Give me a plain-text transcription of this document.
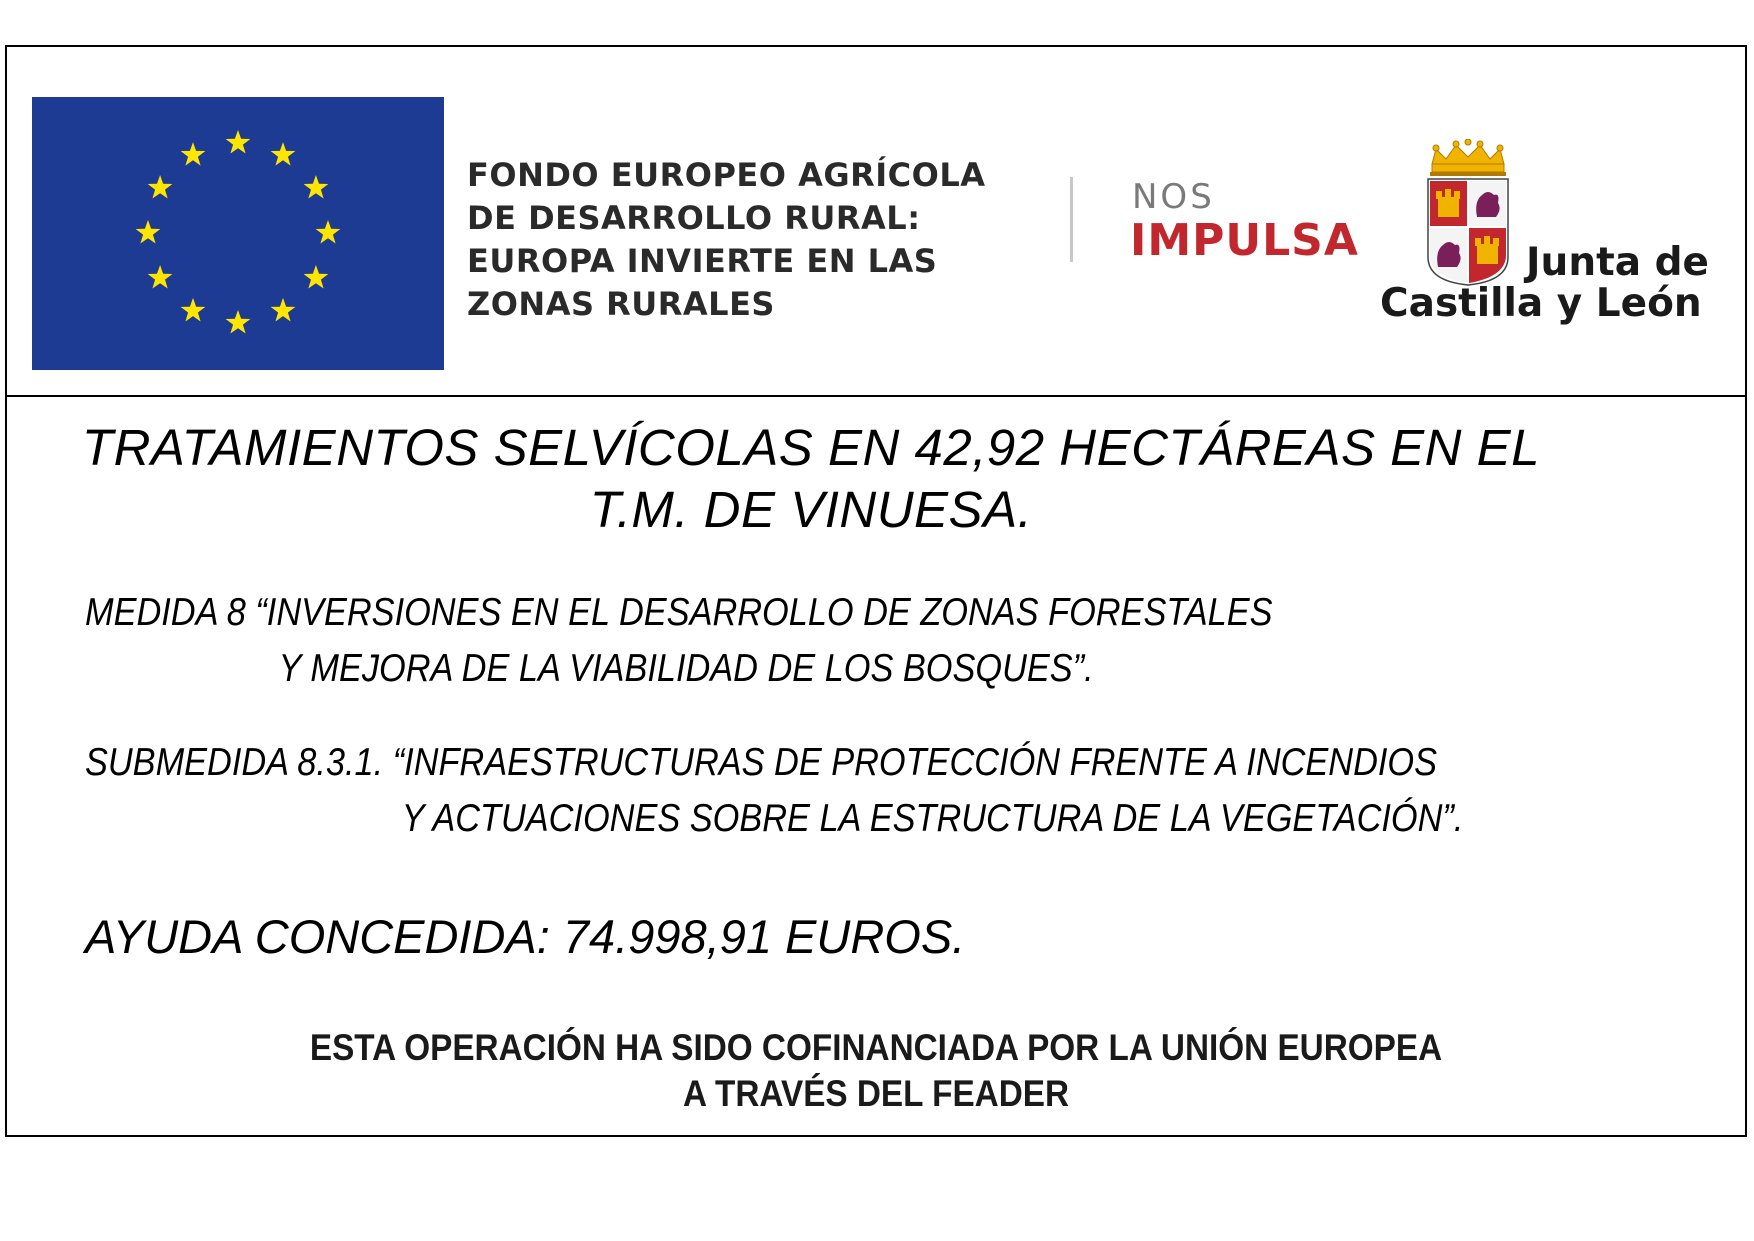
FONDO EUROPEO AGRÍCOLA
DE DESARROLLO RURAL:
EUROPA INVIERTE EN LAS
ZONAS RURALES
NOS
IMPULSA	Junta de
Castilla y León
TRATAMIENTOS SELVÍCOLAS EN 42,92 HECTÁREAS EN EL
T.M. DE VINUESA.
MEDIDA 8 “INVERSIONES EN EL DESARROLLO DE ZONAS FORESTALES
Y MEJORA DE LA VIABILIDAD DE LOS BOSQUES”.
SUBMEDIDA 8.3.1. “INFRAESTRUCTURAS DE PROTECCIÓN FRENTE A INCENDIOS
Y ACTUACIONES SOBRE LA ESTRUCTURA DE LA VEGETACIÓN”.
AYUDA CONCEDIDA: 74.998,91 EUROS.
ESTA OPERACIÓN HA SIDO COFINANCIADA POR LA UNIÓN EUROPEA
A TRAVÉS DEL FEADER
